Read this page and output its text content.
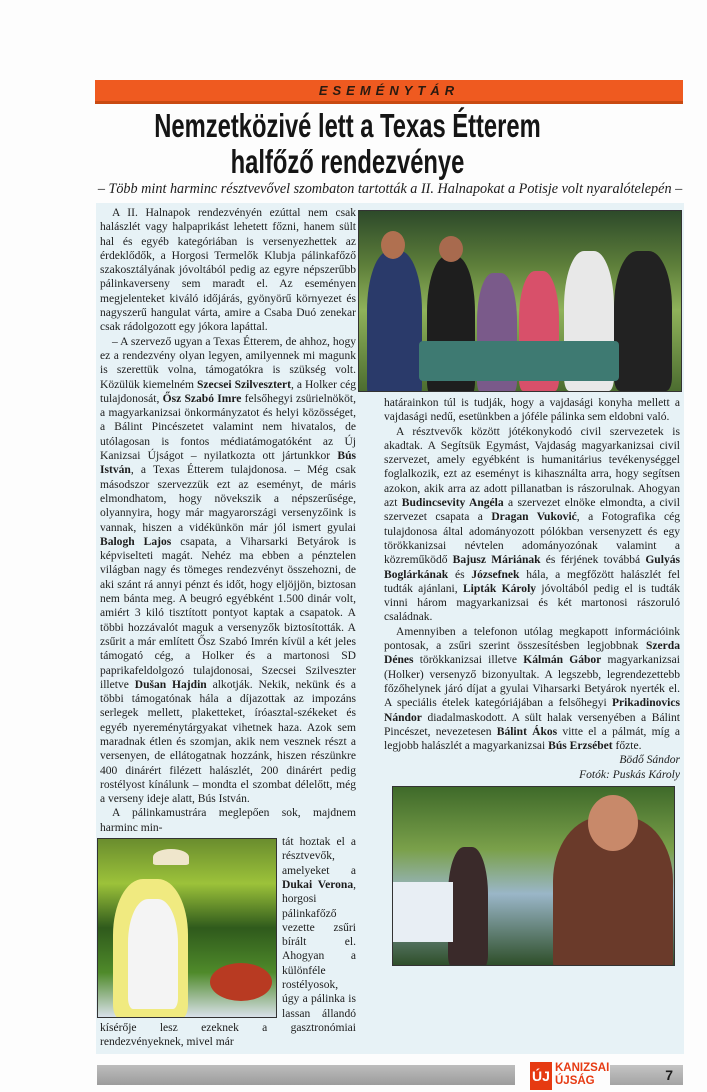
ESEMÉNYTÁR
Nemzetközivé lett a Texas Étterem
halfőző rendezvénye
– Több mint harminc résztvevővel szombaton tartották a II. Halnapokat a Potisje volt nyaralótelepén –

A II. Halnapok rendezvényén ezúttal nem csak halászlét vagy halpaprikást lehetett főzni, hanem sült hal és egyéb kategóriában is versenyezhettek az érdeklődők, a Horgosi Termelők Klubja pálinkafőző szakosztályának jóvoltából pedig az egyre népszerűbb pálinkaverseny sem maradt el. Az eseményen megjelenteket kiváló időjárás, gyönyörű környezet és nagyszerű hangulat várta, amire a Csaba Duó zenekar csak rádolgozott egy jókora lapáttal.

– A szervező ugyan a Texas Étterem, de ahhoz, hogy ez a rendezvény olyan legyen, amilyennek mi magunk is szerettük volna, támogatókra is szükség volt. Közülük kiemelném Szecsei Szilvesztert, a Holker cég tulajdonosát, Ősz Szabó Imre felsőhegyi zsürielnököt, a magyarkanizsai önkormányzatot és helyi közösséget, a Bálint Pincészetet valamint nem hivatalos, de utólagosan is fontos médiatámogatóként az Új Kanizsai Újságot – nyilatkozta ott jártunkkor Bús István, a Texas Étterem tulajdonosa. – Még csak másodszor szervezzük ezt az eseményt, de máris elmondhatom, hogy növekszik a népszerűsége, olyannyira, hogy már magyarországi versenyzőink is vannak, hiszen a vidékünkön már jól ismert gyulai Balogh Lajos csapata, a Viharsarki Betyárok is képviselteti magát. Nehéz ma ebben a pénztelen világban nagy és tömeges rendezvényt összehozni, de aki szánt rá annyi pénzt és időt, hogy eljöjjön, biztosan nem bánta meg. A beugró egyébként 1.500 dinár volt, amiért 3 kiló tisztított pontyot kaptak a csapatok. A többi hozzávalót maguk a versenyzők biztosították. A zsűrit a már említett Ősz Szabó Imrén kívül a két jeles támogató cég, a Holker és a martonosi SD paprikafeldolgozó tulajdonosai, Szecsei Szilveszter illetve Dušan Hajdin alkotják. Nekik, nekünk és a többi támogatónak hála a díjazottak az impozáns serlegek mellett, plaketteket, íróasztal-székeket és egyéb nyereménytárgyakat vihetnek haza. Azok sem maradnak étlen és szomjan, akik nem vesznek részt a versenyen, de ellátogatnak hozzánk, hiszen részünkre 400 dinárért filézett halászlét, 200 dinárért pedig rostélyost kínálunk – mondta el szombat délelőtt, még a verseny ideje alatt, Bús István.

A pálinkamustrára meglepően sok, majdnem harminc min-

tát hoztak el a résztvevők, amelyeket a Dukai Verona, horgosi pálinkafőző vezette zsűri bírált el. Ahogyan a különféle rostélyosok, úgy a pálinka is lassan állandó kísérője lesz ezeknek a gasztronómiai rendezvényeknek, mivel már

határainkon túl is tudják, hogy a vajdasági konyha mellett a vajdasági nedű, esetünkben a jóféle pálinka sem eldobni való.

A résztvevők között jótékonykodó civil szervezetek is akadtak. A Segítsük Egymást, Vajdaság magyarkanizsai civil szervezet, amely egyébként is humanitárius tevékenységgel foglalkozik, ezt az eseményt is kihasználta arra, hogy segítsen azokon, akik arra az adott pillanatban is rászorulnak. Ahogyan azt Budincsevity Angéla a szervezet elnöke elmondta, a civil szervezet csapata a Dragan Vuković, a Fotografika cég tulajdonosa által adományozott pólókban versenyzett és egy törökkanizsai névtelen adományozónak valamint a közreműködő Bajusz Máriának és férjének továbbá Gulyás Boglárkának és Józsefnek hála, a megfőzött halászlét fel tudták ajánlani, Lipták Károly jóvoltából pedig el is tudták vinni három magyarkanizsai és két martonosi rászoruló családnak.

Amennyiben a telefonon utólag megkapott információink pontosak, a zsűri szerint összesítésben legjobbnak Szerda Dénes törökkanizsai illetve Kálmán Gábor magyarkanizsai (Holker) versenyző bizonyultak. A legszebb, legrendezettebb főzőhelynek járó díjat a gyulai Viharsarki Betyárok nyerték el. A speciális ételek kategóriájában a felsőhegyi Prikadinovics Nándor diadalmaskodott. A sült halak versenyében a Bálint Pincészet, nevezetesen Bálint Ákos vitte el a pálmát, míg a legjobb halászlét a magyarkanizsai Bús Erzsébet főzte.

Bödő Sándor
Fotók: Puskás Károly
ÚJ KANIZSAI
ÚJSÁG	7
